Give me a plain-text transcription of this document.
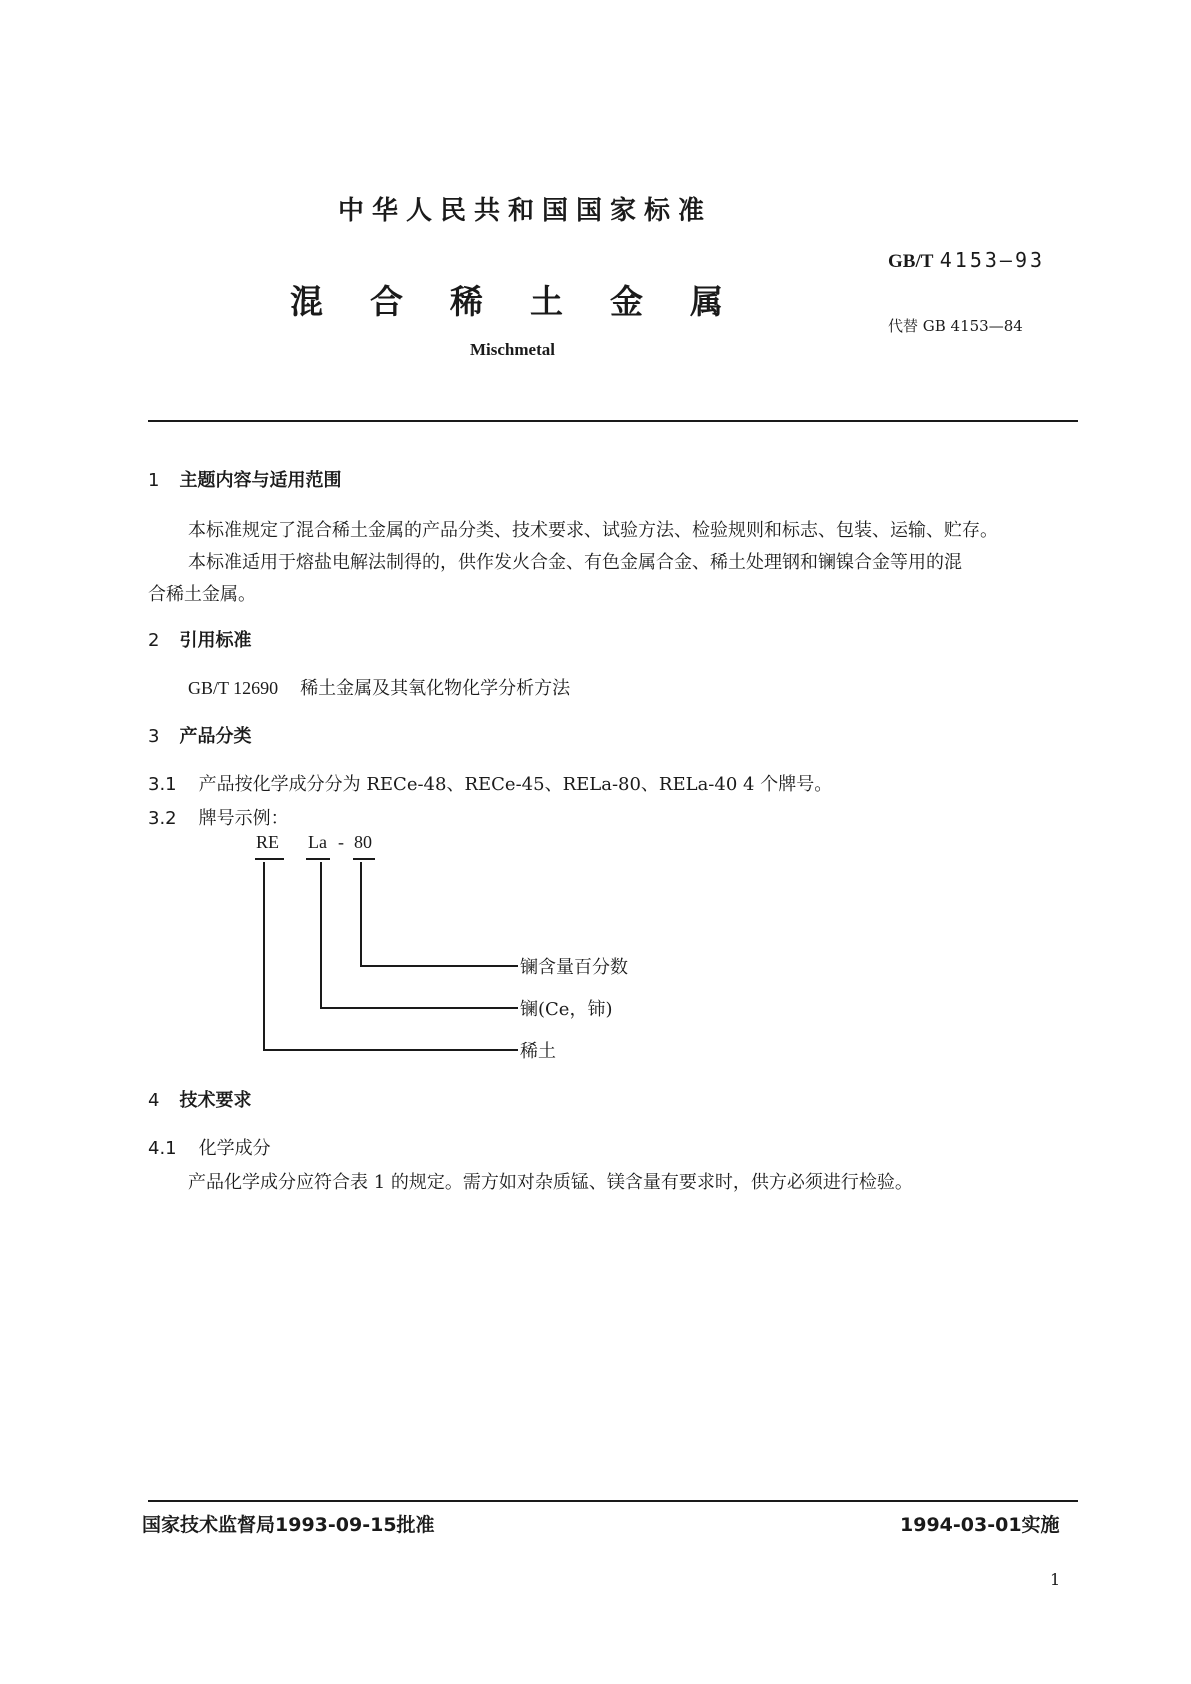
中华人民共和国国家标准
混 合 稀 土 金 属
Mischmetal
GB/T 4153—93
代替 GB 4153—84
1 主题内容与适用范围
本标准规定了混合稀土金属的产品分类、技术要求、试验方法、检验规则和标志、包装、运输、贮存。
本标准适用于熔盐电解法制得的，供作发火合金、有色金属合金、稀土处理钢和镧镍合金等用的混
合稀土金属。
2 引用标准
GB/T 12690 稀土金属及其氧化物化学分析方法
3 产品分类
3.1 产品按化学成分分为 RECe-48、RECe-45、RELa-80、RELa-40 4 个牌号。
3.2 牌号示例：
RE La - 80
镧含量百分数
镧(Ce，铈)
稀土
4 技术要求
4.1 化学成分
产品化学成分应符合表 1 的规定。需方如对杂质锰、镁含量有要求时，供方必须进行检验。
国家技术监督局1993-09-15批准	1994-03-01实施
1
